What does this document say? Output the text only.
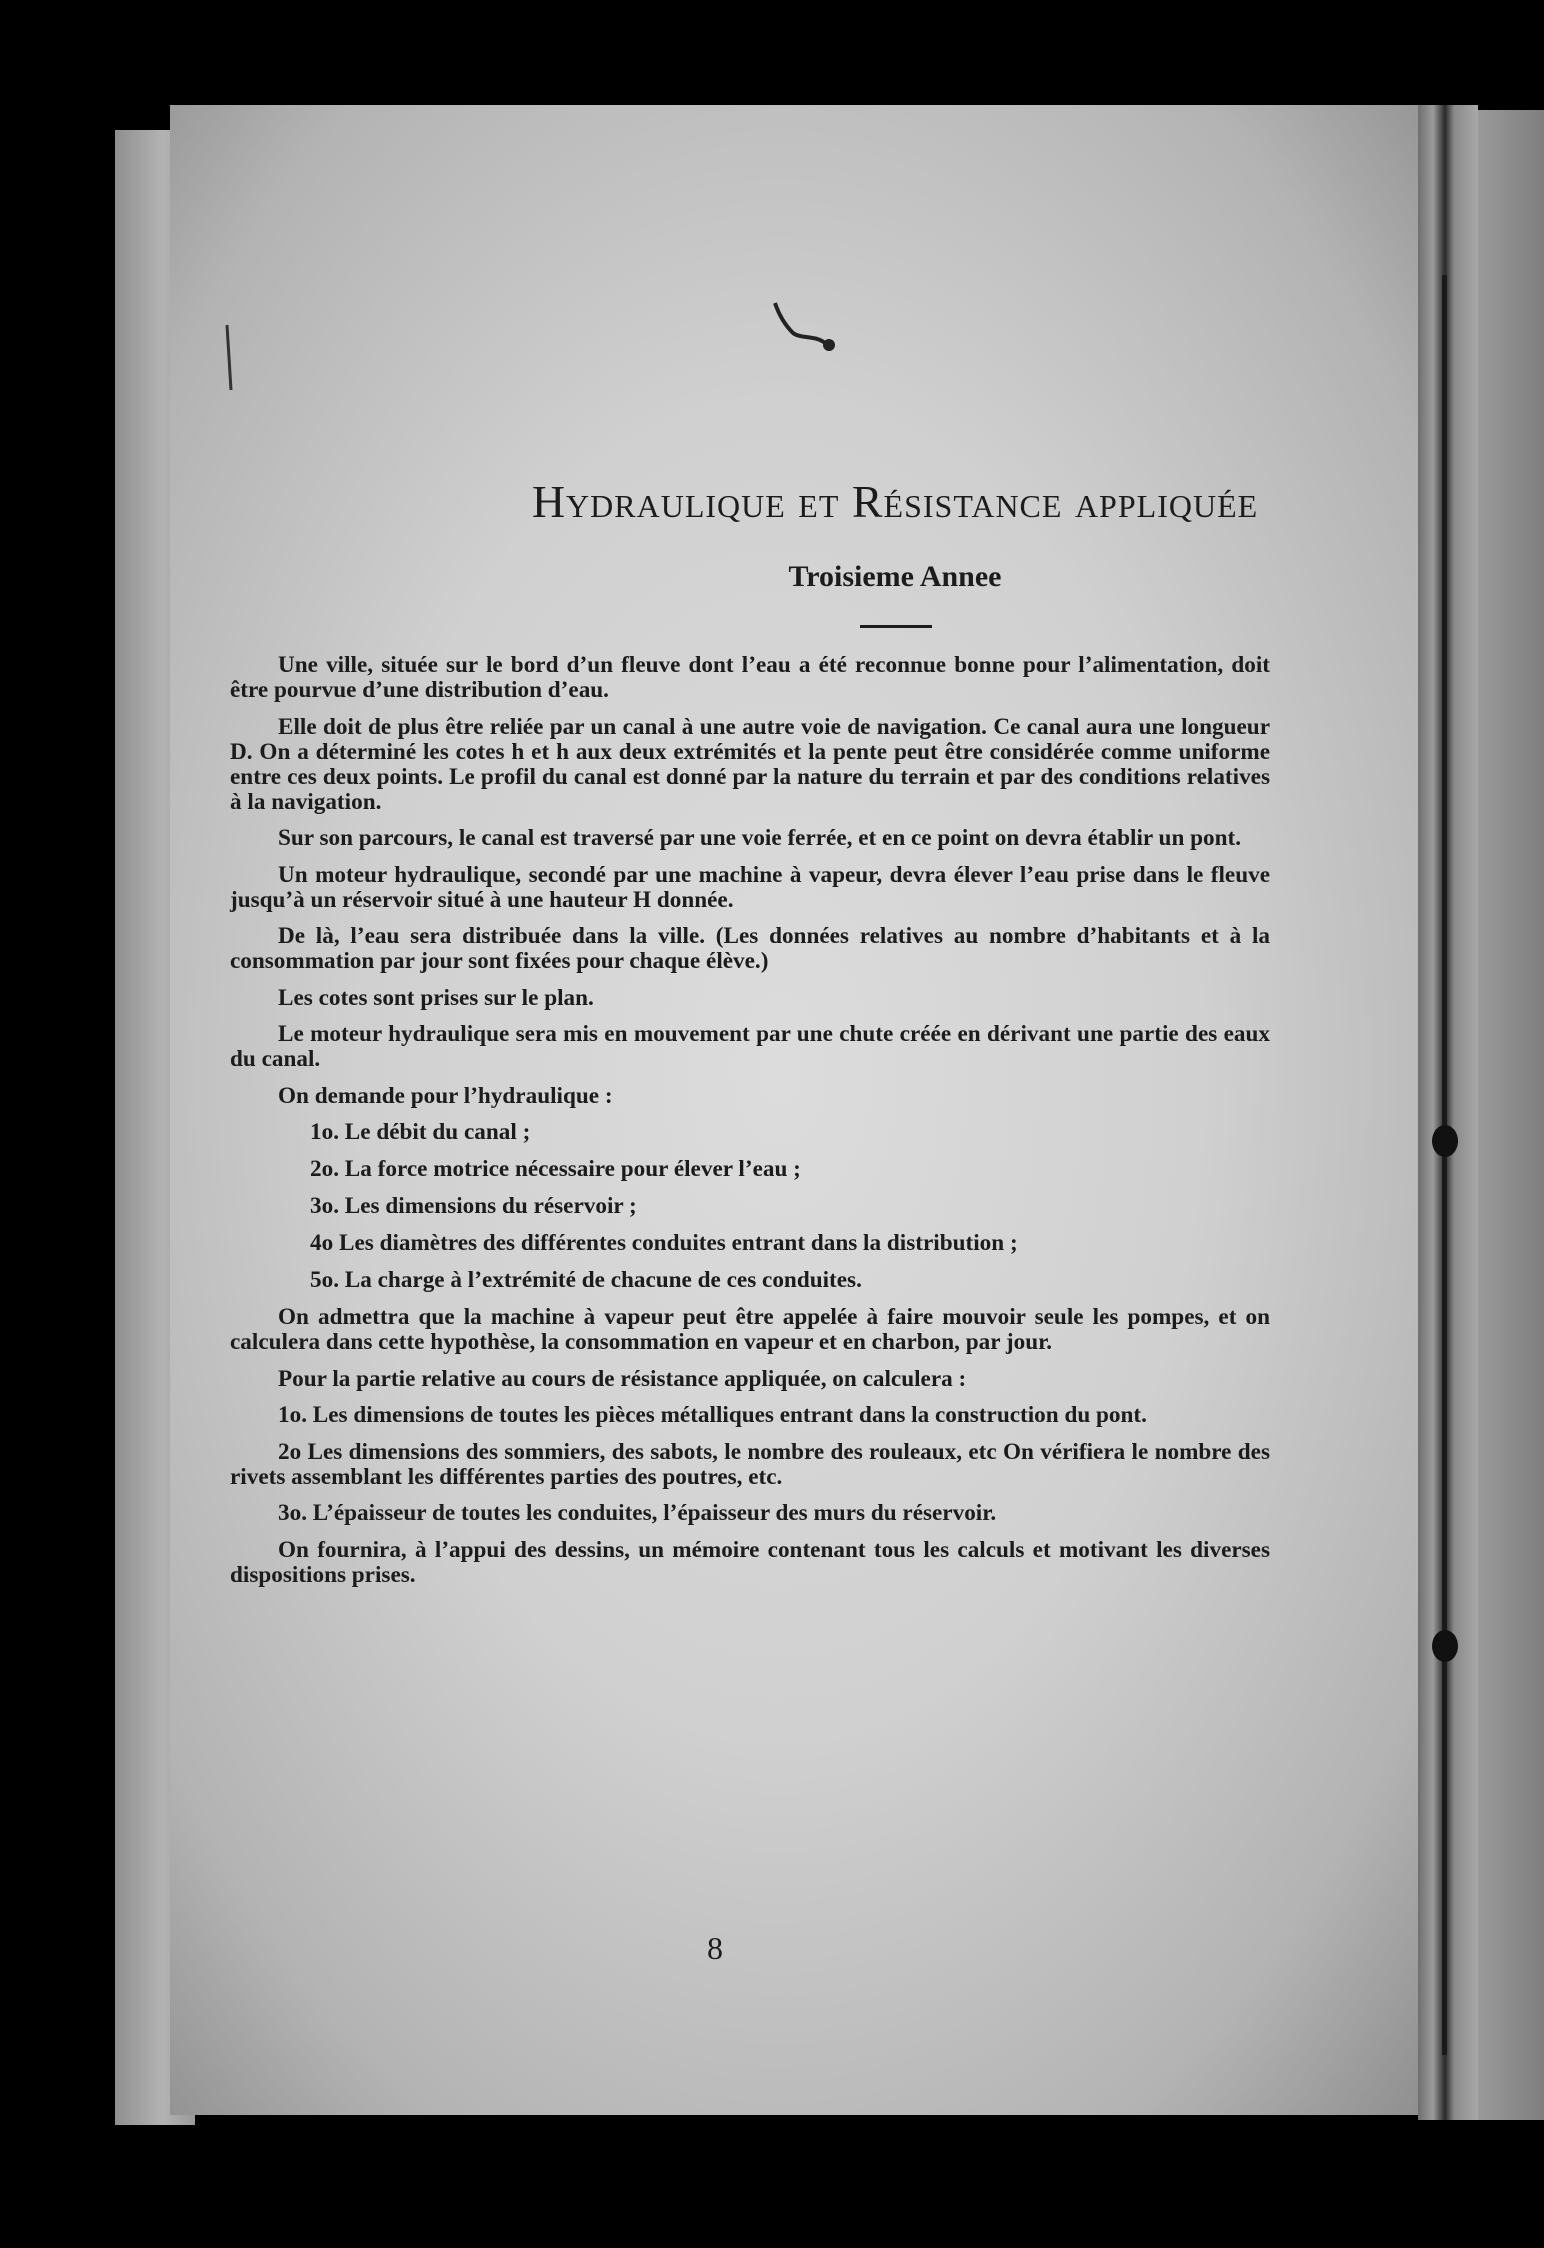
Hydraulique et Résistance appliquée
Troisieme Annee

Une ville, située sur le bord d’un fleuve dont l’eau a été reconnue bonne pour l’alimentation, doit être pourvue d’une distribution d’eau.

Elle doit de plus être reliée par un canal à une autre voie de navigation. Ce canal aura une longueur D. On a déterminé les cotes h et h aux deux extrémités et la pente peut être considérée comme uniforme entre ces deux points. Le profil du canal est donné par la nature du terrain et par des conditions relatives à la navigation.

Sur son parcours, le canal est traversé par une voie ferrée, et en ce point on devra établir un pont.

Un moteur hydraulique, secondé par une machine à vapeur, devra élever l’eau prise dans le fleuve jusqu’à un réservoir situé à une hauteur H donnée.

De là, l’eau sera distribuée dans la ville. (Les données relatives au nombre d’habitants et à la consommation par jour sont fixées pour chaque élève.)

Les cotes sont prises sur le plan.

Le moteur hydraulique sera mis en mouvement par une chute créée en dérivant une partie des eaux du canal.

On demande pour l’hydraulique :

1o. Le débit du canal ;

2o. La force motrice nécessaire pour élever l’eau ;

3o. Les dimensions du réservoir ;

4o Les diamètres des différentes conduites entrant dans la distribution ;

5o. La charge à l’extrémité de chacune de ces conduites.

On admettra que la machine à vapeur peut être appelée à faire mouvoir seule les pompes, et on calculera dans cette hypothèse, la consommation en vapeur et en charbon, par jour.

Pour la partie relative au cours de résistance appliquée, on calculera :

1o. Les dimensions de toutes les pièces métalliques entrant dans la construction du pont.

2o Les dimensions des sommiers, des sabots, le nombre des rouleaux, etc On vérifiera le nombre des rivets assemblant les différentes parties des poutres, etc.

3o. L’épaisseur de toutes les conduites, l’épaisseur des murs du réservoir.

On fournira, à l’appui des dessins, un mémoire contenant tous les calculs et motivant les diverses dispositions prises.

8
